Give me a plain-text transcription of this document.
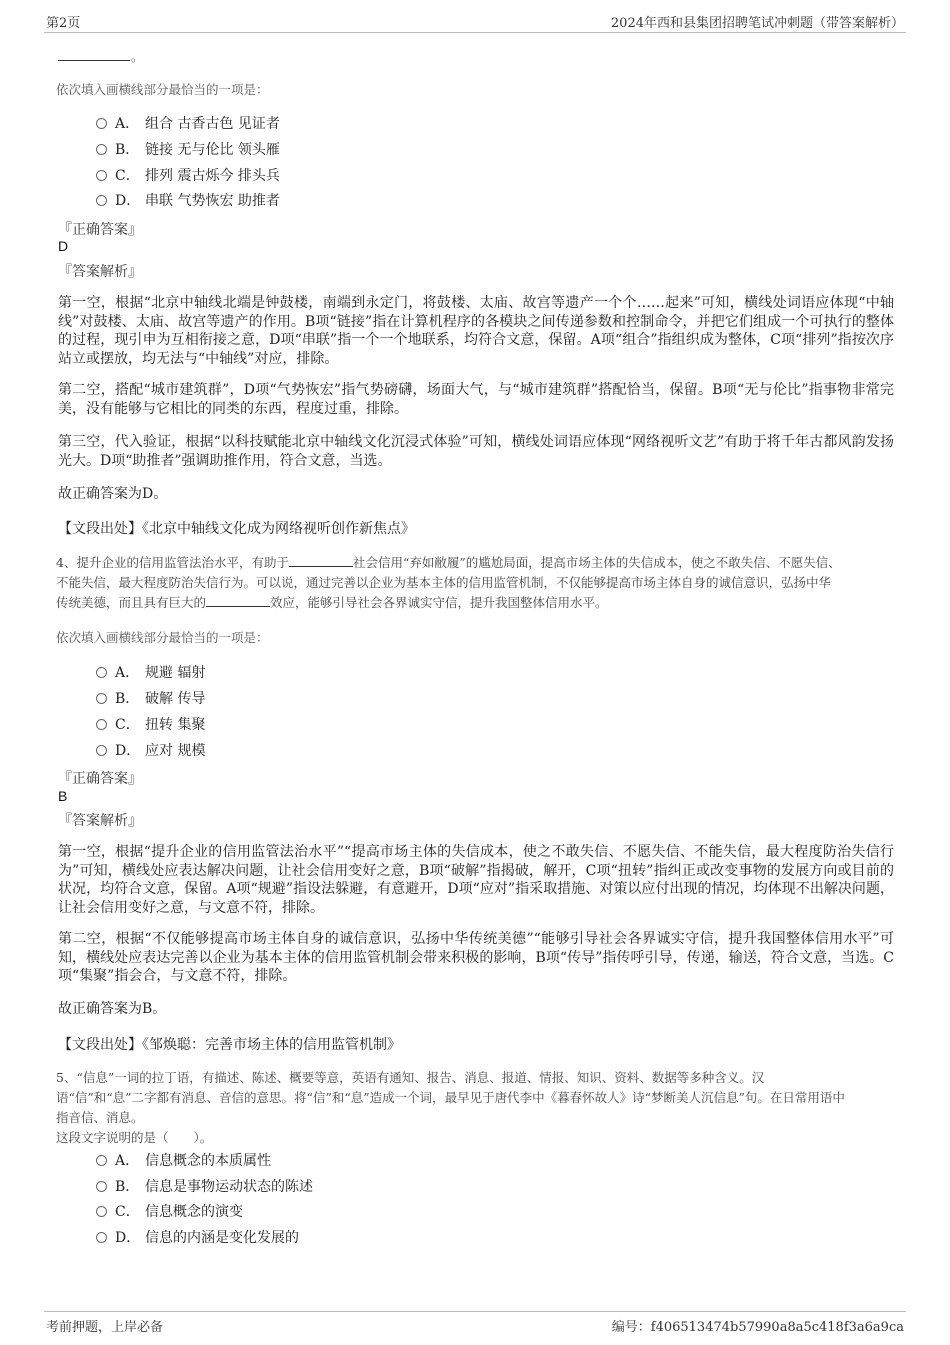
第2页	2024年西和县集团招聘笔试冲刺题（带答案解析）
。
依次填入画横线部分最恰当的一项是：
A． 组合 古香古色 见证者
B． 链接 无与伦比 领头雁
C． 排列 震古烁今 排头兵
D． 串联 气势恢宏 助推者
『正确答案』
D
『答案解析』
第一空，根据“北京中轴线北端是钟鼓楼，南端到永定门，将鼓楼、太庙、故宫等遗产一个个……起来”可知，横线处词语应体现“中轴线”对鼓楼、太庙、故宫等遗产的作用。B项“链接”指在计算机程序的各模块之间传递参数和控制命令，并把它们组成一个可执行的整体的过程，现引申为互相衔接之意，D项“串联”指一个一个地联系，均符合文意，保留。A项“组合”指组织成为整体，C项“排列”指按次序站立或摆放，均无法与“中轴线”对应，排除。
第二空，搭配“城市建筑群”，D项“气势恢宏”指气势磅礴，场面大气，与“城市建筑群”搭配恰当，保留。B项“无与伦比”指事物非常完美，没有能够与它相比的同类的东西，程度过重，排除。
第三空，代入验证，根据“以科技赋能北京中轴线文化沉浸式体验”可知，横线处词语应体现“网络视听文艺”有助于将千年古都风韵发扬光大。D项“助推者”强调助推作用，符合文意，当选。
故正确答案为D。
【文段出处】《北京中轴线文化成为网络视听创作新焦点》
4、提升企业的信用监管法治水平，有助于	社会信用“弃如敝履”的尴尬局面，提高市场主体的失信成本，使之不敢失信、不愿失信、
不能失信，最大程度防治失信行为。可以说，通过完善以企业为基本主体的信用监管机制，不仅能够提高市场主体自身的诚信意识，弘扬中华
传统美德，而且具有巨大的	效应，能够引导社会各界诚实守信，提升我国整体信用水平。
依次填入画横线部分最恰当的一项是：
A． 规避 辐射
B． 破解 传导
C． 扭转 集聚
D． 应对 规模
『正确答案』
B
『答案解析』
第一空，根据“提升企业的信用监管法治水平”“提高市场主体的失信成本，使之不敢失信、不愿失信、不能失信，最大程度防治失信行为”可知，横线处应表达解决问题，让社会信用变好之意，B项“破解”指揭破，解开，C项“扭转”指纠正或改变事物的发展方向或目前的状况，均符合文意，保留。A项“规避”指设法躲避，有意避开，D项“应对”指采取措施、对策以应付出现的情况，均体现不出解决问题，让社会信用变好之意，与文意不符，排除。
第二空，根据“不仅能够提高市场主体自身的诚信意识，弘扬中华传统美德”“能够引导社会各界诚实守信，提升我国整体信用水平”可知，横线处应表达完善以企业为基本主体的信用监管机制会带来积极的影响，B项“传导”指传呼引导，传递，输送，符合文意，当选。C项“集聚”指会合，与文意不符，排除。
故正确答案为B。
【文段出处】《邹焕聪：完善市场主体的信用监管机制》
5、“信息”一词的拉丁语，有描述、陈述、概要等意，英语有通知、报告、消息、报道、情报、知识、资料、数据等多种含义。汉
语“信”和“息”二字都有消息、音信的意思。将“信”和“息”造成一个词，最早见于唐代李中《暮春怀故人》诗“梦断美人沉信息”句。在日常用语中
指音信、消息。
这段文字说明的是（　　）。
A． 信息概念的本质属性
B． 信息是事物运动状态的陈述
C． 信息概念的演变
D． 信息的内涵是变化发展的
考前押题，上岸必备	编号：f406513474b57990a8a5c418f3a6a9ca
